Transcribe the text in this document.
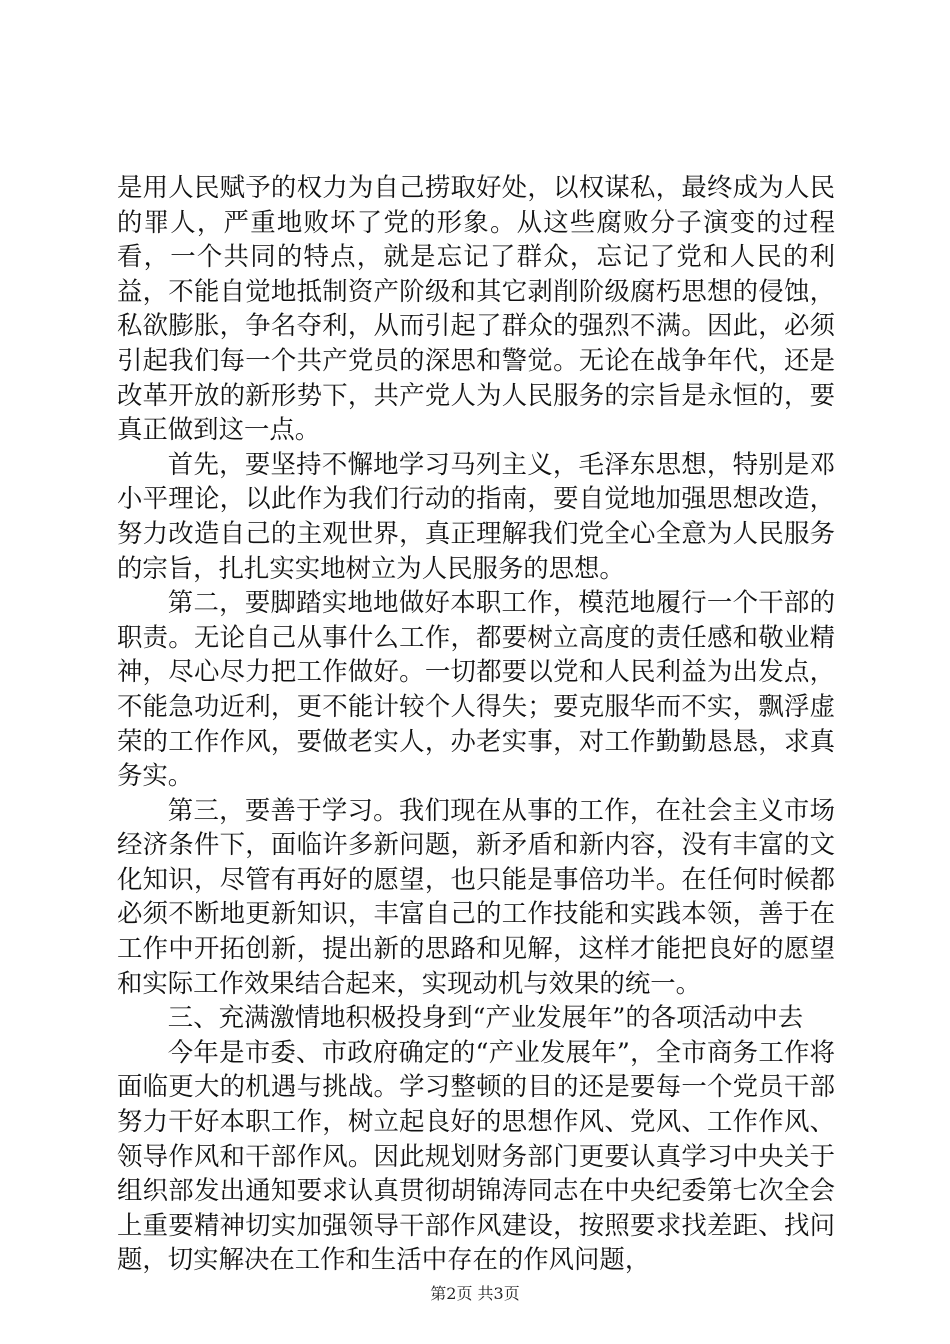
是用人民赋予的权力为自己捞取好处，以权谋私，最终成为人民的罪人，严重地败坏了党的形象。从这些腐败分子演变的过程看，一个共同的特点，就是忘记了群众，忘记了党和人民的利益，不能自觉地抵制资产阶级和其它剥削阶级腐朽思想的侵蚀，私欲膨胀，争名夺利，从而引起了群众的强烈不满。因此，必须引起我们每一个共产党员的深思和警觉。无论在战争年代，还是改革开放的新形势下，共产党人为人民服务的宗旨是永恒的，要真正做到这一点。

首先，要坚持不懈地学习马列主义，毛泽东思想，特别是邓小平理论，以此作为我们行动的指南，要自觉地加强思想改造，努力改造自己的主观世界，真正理解我们党全心全意为人民服务的宗旨，扎扎实实地树立为人民服务的思想。

第二，要脚踏实地地做好本职工作，模范地履行一个干部的职责。无论自己从事什么工作，都要树立高度的责任感和敬业精神，尽心尽力把工作做好。一切都要以党和人民利益为出发点，不能急功近利，更不能计较个人得失；要克服华而不实，飘浮虚荣的工作作风，要做老实人，办老实事，对工作勤勤恳恳，求真务实。

第三，要善于学习。我们现在从事的工作，在社会主义市场经济条件下，面临许多新问题，新矛盾和新内容，没有丰富的文化知识，尽管有再好的愿望，也只能是事倍功半。在任何时候都必须不断地更新知识，丰富自己的工作技能和实践本领，善于在工作中开拓创新，提出新的思路和见解，这样才能把良好的愿望和实际工作效果结合起来，实现动机与效果的统一。

三、充满激情地积极投身到“产业发展年”的各项活动中去

今年是市委、市政府确定的“产业发展年”，全市商务工作将面临更大的机遇与挑战。学习整顿的目的还是要每一个党员干部努力干好本职工作，树立起良好的思想作风、党风、工作作风、领导作风和干部作风。因此规划财务部门更要认真学习中央关于组织部发出通知要求认真贯彻胡锦涛同志在中央纪委第七次全会上重要精神切实加强领导干部作风建设，按照要求找差距、找问题，切实解决在工作和生活中存在的作风问题，

第2页 共3页
